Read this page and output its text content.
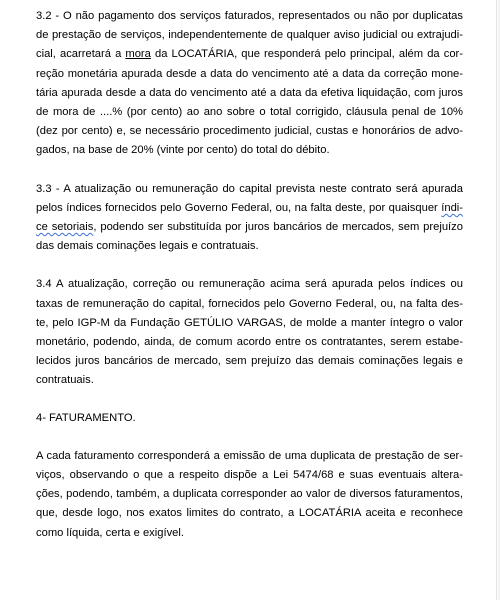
3.2 - O não pagamento dos serviços faturados, representados ou não por duplicatas
de prestação de serviços, independentemente de qualquer aviso judicial ou extrajudi-
cial, acarretará a mora da LOCATÁRIA, que responderá pelo principal, além da cor-
reção monetária apurada desde a data do vencimento até a data da correção mone-
tária apurada desde a data do vencimento até a data da efetiva liquidação, com juros
de mora de ....% (por cento) ao ano sobre o total corrigido, cláusula penal de 10%
(dez por cento) e, se necessário procedimento judicial, custas e honorários de advo-
gados, na base de 20% (vinte por cento) do total do débito.
3.3 - A atualização ou remuneração do capital prevista neste contrato será apurada
pelos índices fornecidos pelo Governo Federal, ou, na falta deste, por quaisquer índi-
ce setoriais, podendo ser substituída por juros bancários de mercados, sem prejuízo
das demais cominações legais e contratuais.
3.4 A atualização, correção ou remuneração acima será apurada pelos índices ou
taxas de remuneração do capital, fornecidos pelo Governo Federal, ou, na falta des-
te, pelo IGP-M da Fundação GETÚLIO VARGAS, de molde a manter íntegro o valor
monetário, podendo, ainda, de comum acordo entre os contratantes, serem estabe-
lecidos juros bancários de mercado, sem prejuízo das demais cominações legais e
contratuais.

4- FATURAMENTO.

A cada faturamento corresponderá a emissão de uma duplicata de prestação de ser-
viços, observando o que a respeito dispõe a Lei 5474/68 e suas eventuais altera-
ções, podendo, também, a duplicata corresponder ao valor de diversos faturamentos,
que, desde logo, nos exatos limites do contrato, a LOCATÁRIA aceita e reconhece
como líquida, certa e exigível.
